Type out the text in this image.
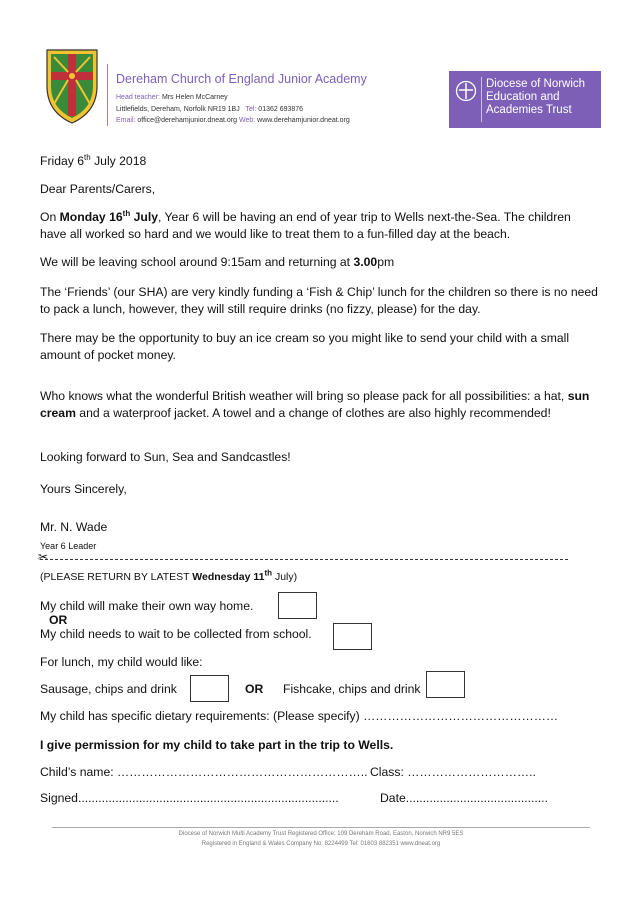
Dereham Church of England Junior Academy
Head teacher: Mrs Helen McCarney
Littlefields, Dereham, Norfolk NR19 1BJ Tel: 01362 693876
Email: office@derehamjunior.dneat.org Web: www.derehamjunior.dneat.org
Diocese of Norwich
Education and
Academies Trust
Friday 6th July 2018
Dear Parents/Carers,
On Monday 16th July, Year 6 will be having an end of year trip to Wells next-the-Sea. The children have all worked so hard and we would like to treat them to a fun-filled day at the beach.
We will be leaving school around 9:15am and returning at 3.00pm
The ‘Friends’ (our SHA) are very kindly funding a ‘Fish & Chip’ lunch for the children so there is no need to pack a lunch, however, they will still require drinks (no fizzy, please) for the day.
There may be the opportunity to buy an ice cream so you might like to send your child with a small amount of pocket money.
Who knows what the wonderful British weather will bring so please pack for all possibilities: a hat, sun cream and a waterproof jacket. A towel and a change of clothes are also highly recommended!
Looking forward to Sun, Sea and Sandcastles!
Yours Sincerely,
Mr. N. Wade
Year 6 Leader
✂
(PLEASE RETURN BY LATEST Wednesday 11th July)
My child will make their own way home.
OR
My child needs to wait to be collected from school.
For lunch, my child would like:
Sausage, chips and drink	OR Fishcake, chips and drink
My child has specific dietary requirements: (Please specify) …………………………………………
I give permission for my child to take part in the trip to Wells.
Child’s name: …………………………………………………….. Class: …………………………..
Signed.............................................................................	Date..........................................
Diocese of Norwich Multi Academy Trust Registered Office: 109 Dereham Road, Easton, Norwich NR9 5ES
Registered in England & Wales Company No: 8224499 Tel: 01603 882351 www.dneat.org
